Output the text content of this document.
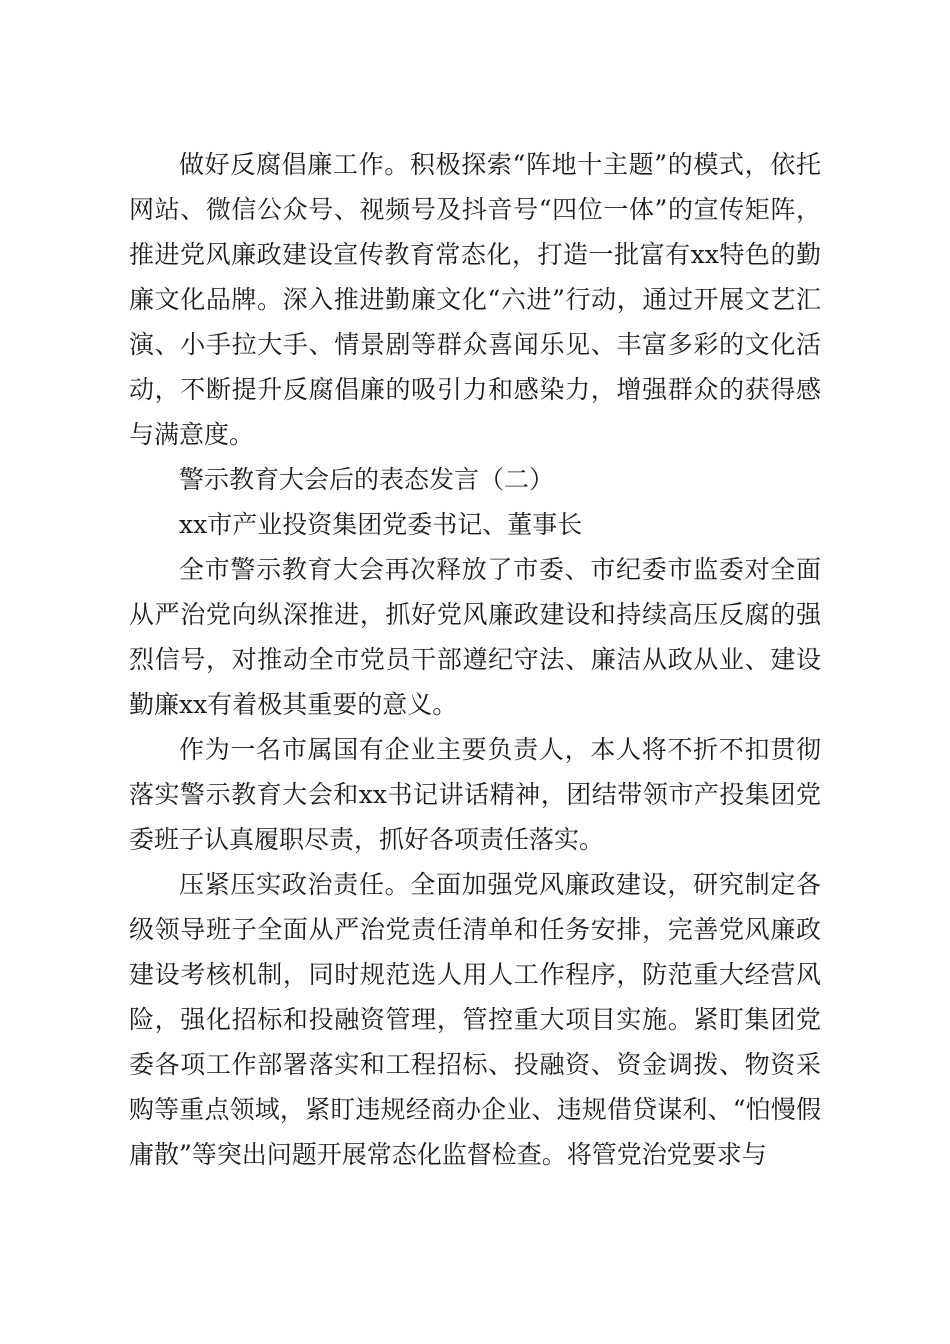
做好反腐倡廉工作。积极探索“阵地十主题”的模式，依托网站、微信公众号、视频号及抖音号“四位一体”的宣传矩阵，推进党风廉政建设宣传教育常态化，打造一批富有xx特色的勤廉文化品牌。深入推进勤廉文化“六进”行动，通过开展文艺汇演、小手拉大手、情景剧等群众喜闻乐见、丰富多彩的文化活动，不断提升反腐倡廉的吸引力和感染力，增强群众的获得感与满意度。

警示教育大会后的表态发言（二）

xx市产业投资集团党委书记、董事长

全市警示教育大会再次释放了市委、市纪委市监委对全面从严治党向纵深推进，抓好党风廉政建设和持续高压反腐的强烈信号，对推动全市党员干部遵纪守法、廉洁从政从业、建设勤廉xx有着极其重要的意义。

作为一名市属国有企业主要负责人，本人将不折不扣贯彻落实警示教育大会和xx书记讲话精神，团结带领市产投集团党委班子认真履职尽责，抓好各项责任落实。

压紧压实政治责任。全面加强党风廉政建设，研究制定各级领导班子全面从严治党责任清单和任务安排，完善党风廉政建设考核机制，同时规范选人用人工作程序，防范重大经营风险，强化招标和投融资管理，管控重大项目实施。紧盯集团党委各项工作部署落实和工程招标、投融资、资金调拨、物资采购等重点领域，紧盯违规经商办企业、违规借贷谋利、“怕慢假庸散”等突出问题开展常态化监督检查。将管党治党要求与
